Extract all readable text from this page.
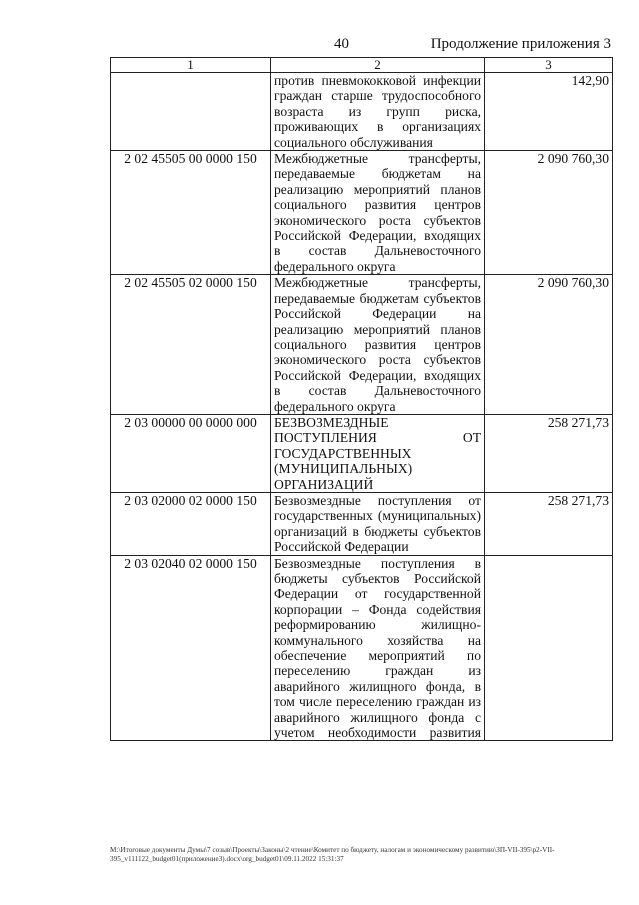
40	Продолжение приложения 3
1	2	3
	против пневмококковой инфекции граждан старше трудоспособного возраста из групп риска, проживающих в организациях социального обслуживания	142,90
2 02 45505 00 0000 150	Межбюджетные трансферты, передаваемые бюджетам на реализацию мероприятий планов социального развития центров экономического роста субъектов Российской Федерации, входящих в состав Дальневосточного федерального округа	2 090 760,30
2 02 45505 02 0000 150	Межбюджетные трансферты, передаваемые бюджетам субъектов Российской Федерации на реализацию мероприятий планов социального развития центров экономического роста субъектов Российской Федерации, входящих в состав Дальневосточного федерального округа	2 090 760,30
2 03 00000 00 0000 000	БЕЗВОЗМЕЗДНЫЕ ПОСТУПЛЕНИЯ ОТ ГОСУДАРСТВЕННЫХ (МУНИЦИПАЛЬНЫХ) ОРГАНИЗАЦИЙ	258 271,73
2 03 02000 02 0000 150	Безвозмездные поступления от государственных (муниципальных) организаций в бюджеты субъектов Российской Федерации	258 271,73
2 03 02040 02 0000 150	Безвозмездные поступления в бюджеты субъектов Российской Федерации от государственной корпорации – Фонда содействия реформированию жилищно-коммунального хозяйства на обеспечение мероприятий по переселению граждан из аварийного жилищного фонда, в том числе переселению граждан из аварийного жилищного фонда с учетом необходимости развития	
M:\Итоговые документы Думы\7 созыв\Проекты\Законы\2 чтение\Комитет по бюджету, налогам и экономическому развитию\ЗП-VII-395\р2-VII-395_v111122_budget01(приложение3).docx\org_budget01\09.11.2022 15:31:37
